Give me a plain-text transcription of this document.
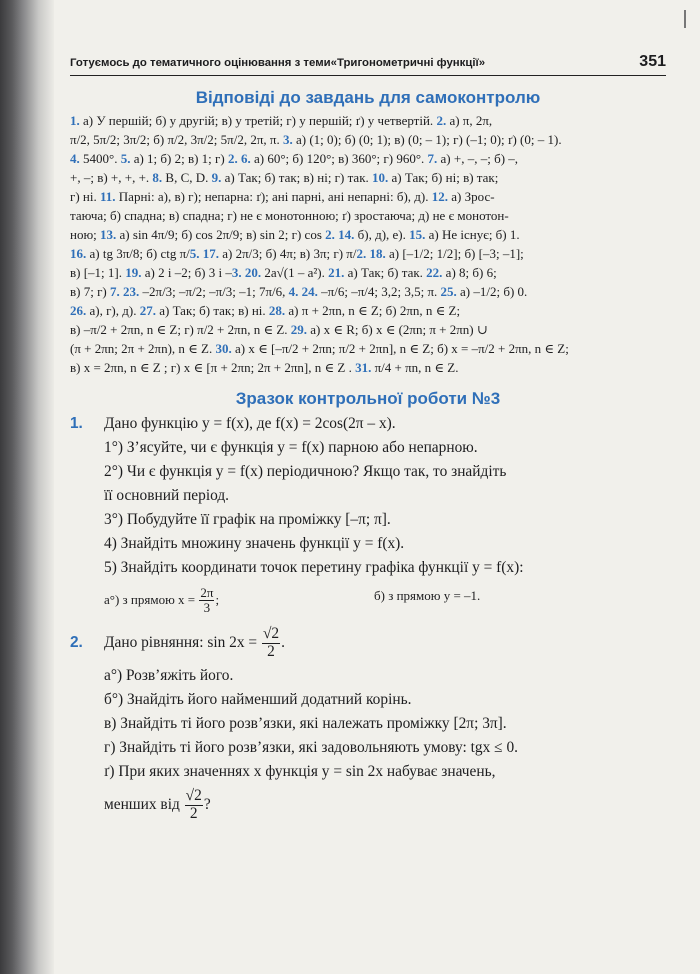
Готуємось до тематичного оцінювання з теми«Тригонометричні функції»	351
Відповіді до завдань для самоконтролю

1. а) У першій; б) у другій; в) у третій; г) у першій; ґ) у четвертій. 2. а) π, 2π,

π/2, 5π/2; 3π/2; б) π/2, 3π/2; 5π/2, 2π, π. 3. а) (1; 0); б) (0; 1); в) (0; – 1); г) (–1; 0); ґ) (0; – 1).

4. 5400°. 5. а) 1; б) 2; в) 1; г) 2. 6. а) 60°; б) 120°; в) 360°; г) 960°. 7. а) +, –, –; б) –,

+, –; в) +, +, +. 8. B, C, D. 9. а) Так; б) так; в) ні; г) так. 10. а) Так; б) ні; в) так;

г) ні. 11. Парні: а), в) г); непарна: ґ); ані парні, ані непарні: б), д). 12. а) Зрос-

таюча; б) спадна; в) спадна; г) не є монотонною; ґ) зростаюча; д) не є монотон-

ною; 13. а) sin 4π/9; б) cos 2π/9; в) sin 2; г) cos 2. 14. б), д), е). 15. а) Не існує; б) 1.

16. а) tg 3π/8; б) ctg π/5. 17. а) 2π/3; б) 4π; в) 3π; г) π/2. 18. а) [–1/2; 1/2]; б) [–3; –1];

в) [–1; 1]. 19. а) 2 і –2; б) 3 і –3. 20. 2a√(1 – a²). 21. а) Так; б) так. 22. а) 8; б) 6;

в) 7; г) 7. 23. –2π/3; –π/2; –π/3; –1; 7π/6, 4. 24. –π/6; –π/4; 3,2; 3,5; π. 25. а) –1/2; б) 0.

26. а), г), д). 27. а) Так; б) так; в) ні. 28. а) π + 2πn, n ∈ Z; б) 2πn, n ∈ Z;

в) –π/2 + 2πn, n ∈ Z; г) π/2 + 2πn, n ∈ Z. 29. а) x ∈ R; б) x ∈ (2πn; π + 2πn) ∪

(π + 2πn; 2π + 2πn), n ∈ Z. 30. а) x ∈ [–π/2 + 2πn; π/2 + 2πn], n ∈ Z; б) x = –π/2 + 2πn, n ∈ Z;

в) x = 2πn, n ∈ Z ; г) x ∈ [π + 2πn; 2π + 2πn], n ∈ Z . 31. π/4 + πn, n ∈ Z.

Зразок контрольної роботи №3

1. Дано функцію y = f(x), де f(x) = 2cos(2π – x).

1°) З’ясуйте, чи є функція y = f(x) парною або непарною.

2°) Чи є функція y = f(x) періодичною? Якщо так, то знайдіть

її основний період.

3°) Побудуйте її графік на проміжку [–π; π].

4) Знайдіть множину значень функції y = f(x).

5) Знайдіть координати точок перетину графіка функції y = f(x):

а°) з прямою $x = \frac{2\pi}{3}$ ;	б) з прямою y = –1.

2. Дано рівняння: $\sin 2x = \frac{√2}{2}$ .

а°) Розв’яжіть його.

б°) Знайдіть його найменший додатний корінь.

в) Знайдіть ті його розв’язки, які належать проміжку [2π; 3π].

г) Знайдіть ті його розв’язки, які задовольняють умову: tgx ≤ 0.

ґ) При яких значеннях x функція y = sin 2x набуває значень,

менших від $\frac{√2}{2}$ ?
